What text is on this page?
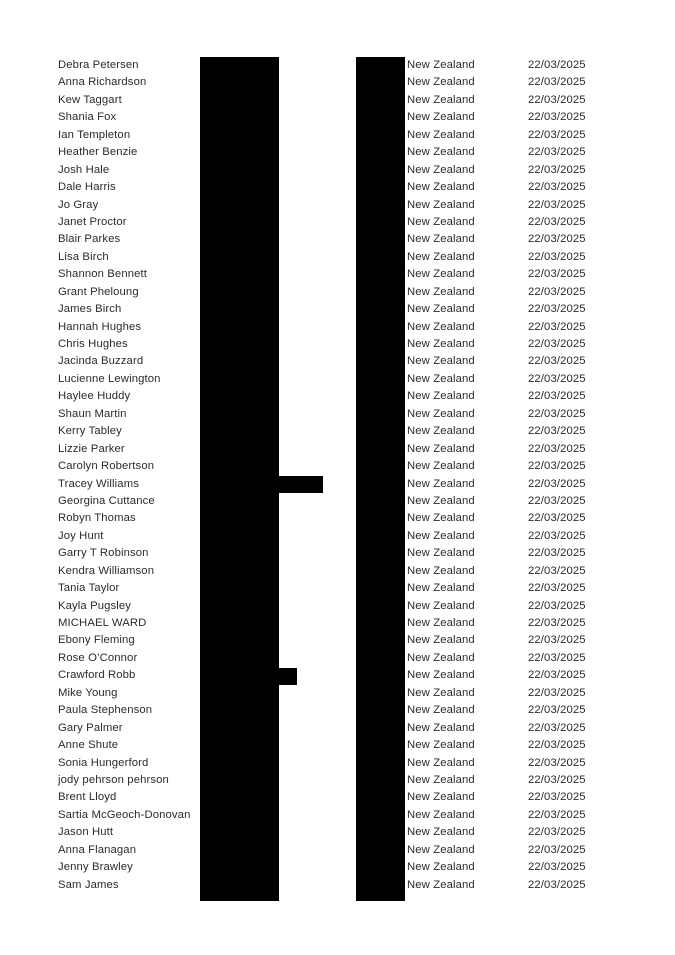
Debra Petersen	New Zealand	22/03/2025
Anna Richardson	New Zealand	22/03/2025
Kew Taggart	New Zealand	22/03/2025
Shania Fox	New Zealand	22/03/2025
Ian Templeton	New Zealand	22/03/2025
Heather Benzie	New Zealand	22/03/2025
Josh Hale	New Zealand	22/03/2025
Dale Harris	New Zealand	22/03/2025
Jo Gray	New Zealand	22/03/2025
Janet Proctor	New Zealand	22/03/2025
Blair Parkes	New Zealand	22/03/2025
Lisa Birch	New Zealand	22/03/2025
Shannon Bennett	New Zealand	22/03/2025
Grant Pheloung	New Zealand	22/03/2025
James Birch	New Zealand	22/03/2025
Hannah Hughes	New Zealand	22/03/2025
Chris Hughes	New Zealand	22/03/2025
Jacinda Buzzard	New Zealand	22/03/2025
Lucienne Lewington	New Zealand	22/03/2025
Haylee Huddy	New Zealand	22/03/2025
Shaun Martin	New Zealand	22/03/2025
Kerry Tabley	New Zealand	22/03/2025
Lizzie Parker	New Zealand	22/03/2025
Carolyn Robertson	New Zealand	22/03/2025
Tracey Williams	New Zealand	22/03/2025
Georgina Cuttance	New Zealand	22/03/2025
Robyn Thomas	New Zealand	22/03/2025
Joy Hunt	New Zealand	22/03/2025
Garry T Robinson	New Zealand	22/03/2025
Kendra Williamson	New Zealand	22/03/2025
Tania Taylor	New Zealand	22/03/2025
Kayla Pugsley	New Zealand	22/03/2025
MICHAEL WARD	New Zealand	22/03/2025
Ebony Fleming	New Zealand	22/03/2025
Rose O’Connor	New Zealand	22/03/2025
Crawford Robb	New Zealand	22/03/2025
Mike Young	New Zealand	22/03/2025
Paula Stephenson	New Zealand	22/03/2025
Gary Palmer	New Zealand	22/03/2025
Anne Shute	New Zealand	22/03/2025
Sonia Hungerford	New Zealand	22/03/2025
jody pehrson pehrson	New Zealand	22/03/2025
Brent Lloyd	New Zealand	22/03/2025
Sartia McGeoch-Donovan	New Zealand	22/03/2025
Jason Hutt	New Zealand	22/03/2025
Anna Flanagan	New Zealand	22/03/2025
Jenny Brawley	New Zealand	22/03/2025
Sam James	New Zealand	22/03/2025
